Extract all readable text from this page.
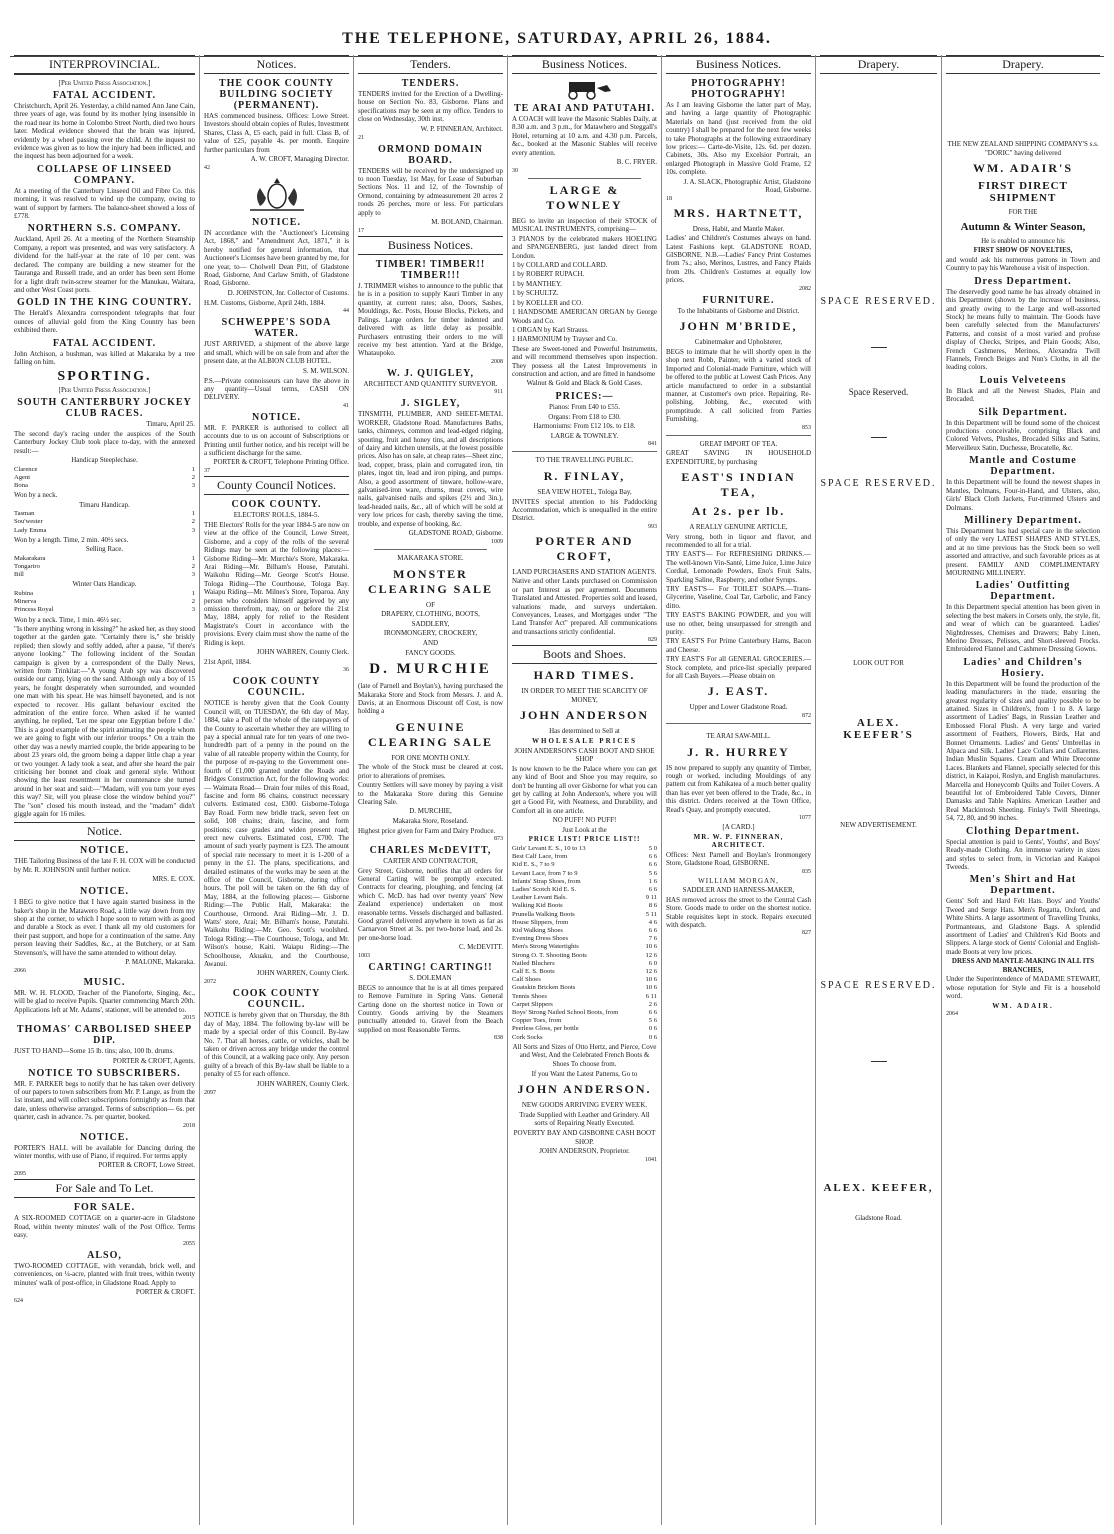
THE TELEPHONE, SATURDAY, APRIL 26, 1884.
INTERPROVINCIAL.
[Per United Press Association.]
FATAL ACCIDENT.
Christchurch, April 26. Yesterday, a child named Ann Jane Cain, three years of age, was found by its mother lying insensible in the road near its home in Colombo Street North, died two hours later. Medical evidence showed that the brain was injured, evidently by a wheel passing over the child. At the inquest no evidence was given as to how the injury had been inflicted, and the inquest has been adjourned for a week.
COLLAPSE OF LINSEED COMPANY.
At a meeting of the Canterbury Linseed Oil and Fibre Co. this morning, it was resolved to wind up the company, owing to want of support by farmers. The balance-sheet showed a loss of £778.
NORTHERN S.S. COMPANY.
Auckland, April 26. At a meeting of the Northern Steamship Company, a report was presented, and was very satisfactory. A dividend for the half-year at the rate of 10 per cent. was declared. The company are building a new steamer for the Tauranga and Russell trade, and an order has been sent Home for a light draft twin-screw steamer for the Manukau, Waitara, and other West Coast ports.
GOLD IN THE KING COUNTRY.
The Herald's Alexandra correspondent telegraphs that four ounces of alluvial gold from the King Country has been exhibited there.
FATAL ACCIDENT.
John Atchison, a bushman, was killed at Makaraka by a tree falling on him.
SPORTING.
[Per United Press Association.]
SOUTH CANTERBURY JOCKEY CLUB RACES.
Timaru, April 25.
The second day's racing under the auspices of the South Canterbury Jockey Club took place to-day, with the annexed result:—
Handicap Steeplechase.
Clarence	1
Agent	2
Bona	3
Won by a neck.
Timaru Handicap.
Tasman	1
Sou'wester	2
Lady Emma	3
Won by a length. Time, 2 min. 40½ secs.
Selling Race.
Makarakara	1
Tongariro	2
Bill	3
Winter Oats Handicap.
Rubina	1
Minerva	2
Princess Royal	3
Won by a neck. Time, 1 min. 46½ sec.
"Is there anything wrong in kissing?" he asked her, as they stood together at the garden gate. "Certainly there is," she briskly replied; then slowly and softly added, after a pause, "if there's anyone looking." The following incident of the Soudan campaign is given by a correspondent of the Daily News, written from Trinkitat:—"A young Arab spy was discovered outside our camp, lying on the sand. Although only a boy of 15 years, he fought desperately when surrounded, and wounded one man with his spear. He was himself bayoneted, and is not expected to recover. His gallant behaviour excited the admiration of the entire force. When asked if he wanted anything, he replied, 'Let me spear one Egyptian before I die.' This is a good example of the spirit animating the people whom we are going to fight with our inferior troops." On a train the other day was a newly married couple, the bride appearing to be about 23 years old, the groom being a dapper little chap a year or two younger. A lady took a seat, and after she heard the pair criticising her bonnet and cloak and general style. Without showing the least resentment in her countenance she turned around in her seat and said:—"Madam, will you turn your eyes this way? Sir, will you please close the window behind you?" The "son" closed his mouth instead, and the "madam" didn't giggle again for 16 miles.
Notice.
NOTICE.
THE Tailoring Business of the late F. H. COX will be conducted by Mr. R. JOHNSON until further notice.
MRS. E. COX.
NOTICE.
I BEG to give notice that I have again started business in the baker's shop in the Matawero Road, a little way down from my shop at the corner, to which I hope soon to return with as good and durable a Stock as ever. I thank all my old customers for their past support, and hope for a continuation of the same. Any person leaving their Saddles, &c., at the Butchery, or at Sam Stevenson's, will have the same attended to without delay.
P. MALONE, Makaraka.
2066
MUSIC.
MR. W. H. FLOOD, Teacher of the Pianoforte, Singing, &c., will be glad to receive Pupils. Quarter commencing March 20th. Applications left at Mr. Adams', stationer, will be attended to.
2015
THOMAS' CARBOLISED SHEEP DIP.
JUST TO HAND—Some 15 lb. tins; also, 100 lb. drums.
PORTER & CROFT, Agents.
NOTICE TO SUBSCRIBERS.
MR. F. PARKER begs to notify that he has taken over delivery of our papers to town subscribers from Mr. P. Lange, as from the 1st instant, and will collect subscriptions fortnightly as from that date, unless otherwise arranged. Terms of subscription— 6s. per quarter, cash in advance. 7s. per quarter, booked.
2018
NOTICE.
PORTER'S HALL will be available for Dancing during the winter months, with use of Piano, if required. For terms apply
PORTER & CROFT, Lowe Street.
2095
For Sale and To Let.
FOR SALE.
A SIX-ROOMED COTTAGE on a quarter-acre in Gladstone Road, within twenty minutes' walk of the Post Office. Terms easy.
2055
ALSO,
TWO-ROOMED COTTAGE, with verandah, brick well, and conveniences, on ¼-acre, planted with fruit trees, within twenty minutes' walk of post-office, in Gladstone Road. Apply to
PORTER & CROFT.
624
Notices.
THE COOK COUNTY BUILDING SOCIETY (PERMANENT).
HAS commenced business. Offices: Lowe Street. Investors should obtain copies of Rules, Investment Shares, Class A, £5 each, paid in full. Class B, of value of £25, payable 4s. per month. Enquire further particulars from
A. W. CROFT, Managing Director.
42
NOTICE.
IN accordance with the "Auctioneer's Licensing Act, 1868," and "Amendment Act, 1871," it is hereby notified for general information, that Auctioneer's Licenses have been granted by me, for one year, to— Cholwell Dean Pitt, of Gladstone Road, Gisborne, And Carlaw Smith, of Gladstone Road, Gisborne.
D. JOHNSTON, Jnr. Collector of Customs.
H.M. Customs, Gisborne, April 24th, 1884.
44
SCHWEPPE'S SODA WATER.
JUST ARRIVED, a shipment of the above large and small, which will be on sale from and after the present date, at the ALBION CLUB HOTEL.
S. M. WILSON.
P.S.—Private connoisseurs can have the above in any quantity—Usual terms, CASH ON DELIVERY.
41
NOTICE.
MR. F. PARKER is authorised to collect all accounts due to us on account of Subscriptions or Printing until further notice, and his receipt will be a sufficient discharge for the same.
PORTER & CROFT, Telephone Printing Office.
37
County Council Notices.
COOK COUNTY.
ELECTORS' ROLLS, 1884-5.
THE Electors' Rolls for the year 1884-5 are now on view at the office of the Council, Lowe Street, Gisborne, and a copy of the rolls of the several Ridings may be seen at the following places:— Gisborne Riding—Mr. Murchie's Store, Makaraka. Arai Riding—Mr. Bilham's House, Patutahi. Waikohu Riding—Mr. George Scott's House. Tologa Riding—The Courthouse, Tologa Bay. Waiapu Riding—Mr. Milnes's Store, Toparoa. Any person who considers himself aggrieved by any omission therefrom, may, on or before the 21st May, 1884, apply for relief to the Resident Magistrate's Court in accordance with the provisions. Every claim must show the name of the Riding is kept.
JOHN WARREN, County Clerk.
21st April, 1884.
36
COOK COUNTY COUNCIL.
NOTICE is hereby given that the Cook County Council will, on TUESDAY, the 6th day of May, 1884, take a Poll of the whole of the ratepayers of the County to ascertain whether they are willing to pay a special annual rate for ten years of one two-hundredth part of a penny in the pound on the value of all rateable property within the County, for the purpose of re-paying to the Government one-fourth of £1,000 granted under the Roads and Bridges Construction Act, for the following works:— Waimata Road— Drain four miles of this Road, fascine and form 86 chains, construct necessary culverts. Estimated cost, £300. Gisborne-Tologa Bay Road. Form new bridle track, seven feet on solid, 108 chains; drain, fascine, and form positions; case grades and widen present road; erect new culverts. Estimated cost, £700. The amount of such yearly payment is £23. The amount of special rate necessary to meet it is 1-200 of a penny in the £1. The plans, specifications, and detailed estimates of the works may be seen at the office of the Council, Gisborne, during office hours. The poll will be taken on the 6th day of May, 1884, at the following places:— Gisborne Riding:—The Public Hall, Makaraka: the Courthouse, Ormond. Arai Riding—Mr. J. D. Watts' store, Arai; Mr. Bilham's house, Patutahi. Waikohu Riding:—Mr. Geo. Scott's woolshed. Tologa Riding:—The Courthouse, Tologa, and Mr. Wilson's house, Kaiti. Waiapu Riding:—The Schoolhouse, Akuaku, and the Courthouse, Awanui.
JOHN WARREN, County Clerk.
2072
COOK COUNTY COUNCIL.
NOTICE is hereby given that on Thursday, the 8th day of May, 1884. The following by-law will be made by a special order of this Council. By-law No. 7. That all horses, cattle, or vehicles, shall be taken or driven across any bridge under the control of this Council, at a walking pace only. Any person guilty of a breach of this By-law shall be liable to a penalty of £5 for each offence.
JOHN WARREN, County Clerk.
2097
Tenders.
TENDERS.
TENDERS invited for the Erection of a Dwelling-house on Section No. 83, Gisborne. Plans and specifications may be seen at my office. Tenders to close on Wednesday, 30th inst.
W. P. FINNERAN, Architect.
21
ORMOND DOMAIN BOARD.
TENDERS will be received by the undersigned up to noon Tuesday, 1st May, for Lease of Suburban Sections Nos. 11 and 12, of the Township of Ormond, containing by admeasurement 20 acres 2 roods 26 perches, more or less. For particulars apply to
M. BOLAND, Chairman.
17
Business Notices.
TIMBER! TIMBER!! TIMBER!!!
J. TRIMMER wishes to announce to the public that he is in a position to supply Kauri Timber in any quantity, at current rates; also, Doors, Sashes, Mouldings, &c. Posts, House Blocks, Pickets, and Palings. Large orders for timber indented and delivered with as little delay as possible. Purchasers entrusting their orders to me will receive my best attention. Yard at the Bridge, Whataupoko.
2008
W. J. QUIGLEY,
ARCHITECT AND QUANTITY SURVEYOR.
911
J. SIGLEY,
TINSMITH, PLUMBER, AND SHEET-METAL WORKER, Gladstone Road. Manufactures Baths, tanks, chimneys, common and lead-edged ridging, spouting, fruit and honey tins, and all descriptions of dairy and kitchen utensils, at the lowest possible prices. Also has on sale, at cheap rates—Sheet zinc, lead, copper, brass, plain and corrugated iron, tin plates, ingot tin, lead and iron piping, and pumps. Also, a good assortment of tinware, hollow-ware, galvanised-iron ware, churns, meat covers, wire nails, galvanised nails and spikes (2½ and 3in.), lead-headed nails, &c., all of which will be sold at very low prices for cash, thereby saving the time, trouble, and expense of booking, &c.
GLADSTONE ROAD, Gisborne.
1009
MAKARAKA STORE.
MONSTER CLEARING SALE
OF
DRAPERY, CLOTHING, BOOTS,
SADDLERY,
IRONMONGERY, CROCKERY,
AND
FANCY GOODS.
D. MURCHIE
(late of Parnell and Boylan's), having purchased the Makaraka Store and Stock from Messrs. J. and A. Davis, at an Enormous Discount off Cost, is now holding a
GENUINE CLEARING SALE
FOR ONE MONTH ONLY.
The whole of the Stock must be cleared at cost, prior to alterations of premises.
Country Settlers will save money by paying a visit to the Makaraka Store during this Genuine Clearing Sale.
D. MURCHIE,
Makaraka Store, Roseland.
Highest price given for Farm and Dairy Produce.
873
CHARLES McDEVITT,
CARTER AND CONTRACTOR,
Grey Street, Gisborne, notifies that all orders for General Carting will be promptly executed. Contracts for clearing, ploughing, and fencing (at which C. McD. has had over twenty years' New Zealand experience) undertaken on most reasonable terms. Vessels discharged and ballasted. Good gravel delivered anywhere in town as far as Carnarvon Street at 3s. per two-horse load, and 2s. per one-horse load.
C. McDEVITT.
1003
CARTING! CARTING!!
S. DOLEMAN
BEGS to announce that he is at all times prepared to Remove Furniture in Spring Vans. General Carting done on the shortest notice in Town or Country. Goods arriving by the Steamers punctually attended to. Gravel from the Beach supplied on most Reasonable Terms.
838
Business Notices.
TE ARAI AND PATUTAHI.
A COACH will leave the Masonic Stables Daily, at 8.30 a.m. and 3 p.m., for Matawhero and Steggall's Hotel, returning at 10 a.m. and 4.30 p.m. Parcels, &c., booked at the Masonic Stables will receive every attention.
B. C. FRYER.
30
LARGE & TOWNLEY
BEG to invite an inspection of their STOCK of MUSICAL INSTRUMENTS, comprising—
3 PIANOS by the celebrated makers HOELING and SPANGENBERG, just landed direct from London.
1 by COLLARD and COLLARD.
1 by ROBERT RUPACH.
1 by MANTHEY.
1 by SCHULTZ.
1 by KOELLER and CO.
1 HANDSOME AMERICAN ORGAN by George Woods and Co.
1 ORGAN by Karl Strauss.
1 HARMONIUM by Trayser and Co.
These are Sweet-toned and Powerful Instruments, and will recommend themselves upon inspection. They possess all the Latest Improvements in construction and action, and are fitted in handsome
Walnut & Gold and Black & Gold Cases.
PRICES:—
Pianos: From £40 to £55.
Organs: From £18 to £30.
Harmoniums: From £12 10s. to £18.
LARGE & TOWNLEY.
841
TO THE TRAVELLING PUBLIC.
R. FINLAY,
SEA VIEW HOTEL, Tologa Bay,
INVITES special attention to his Paddocking Accommodation, which is unequalled in the entire District.
993
PORTER AND CROFT,
LAND PURCHASERS AND STATION AGENTS.
Native and other Lands purchased on Commission or part Interest as per agreement. Documents Translated and Attested. Properties sold and leased, valuations made, and surveys undertaken. Conveyances, Leases, and Mortgages under "The Land Transfer Act" prepared. All communications and transactions strictly confidential.
829
Boots and Shoes.
HARD TIMES.
IN ORDER TO MEET THE SCARCITY OF MONEY,
JOHN ANDERSON
Has determined to Sell at
WHOLESALE PRICES
JOHN ANDERSON'S CASH BOOT AND SHOE SHOP
Is now known to be the Palace where you can get any kind of Boot and Shoe you may require, so don't be hunting all over Gisborne for what you can get by calling at John Anderson's, where you will get a Good Fit, with Neatness, and Durability, and Comfort all in one article.
NO PUFF! NO PUFF!
Just Look at the
PRICE LIST! PRICE LIST!!
Girls' Levant E. S., 10 to 13	5 0
Best Calf Lace, from	6 6
Kid E. S., 7 to 9	6 6
Levant Lace, from 7 to 9	5 6
Infants' Strap Shoes, from	1 6
Ladies' Scotch Kid E. S.	6 6
Leather Levant Bals.	9 11
Walking Kid Boots	8 6
Prunella Walking Boots	5 11
House Slippers, from	4 6
Kid Walking Shoes	6 6
Evening Dress Shoes	7 6
Men's Strong Watertights	10 6
Strong O. T. Shooting Boots	12 6
Nailed Bluchers	6 0
Calf E. S. Boots	12 6
Calf Shoes	10 6
Goatskin Bricken Boots	10 6
Tennis Shoes	6 11
Carpet Slippers	2 6
Boys' Strong Nailed School Boots, from	6 6
Copper Toes, from	5 6
Peerless Gloss, per bottle	0 6
Cork Socks	0 6
All Sorts and Sizes of Otto Hertz, and Pierce, Cove and West, And the Celebrated French Boots & Shoes To choose from.
If you Want the Latest Patterns, Go to
JOHN ANDERSON.
NEW GOODS ARRIVING EVERY WEEK.
Trade Supplied with Leather and Grindery. All sorts of Repairing Neatly Executed.
POVERTY BAY AND GISBORNE CASH BOOT SHOP.
JOHN ANDERSON, Proprietor.
1041
Business Notices.
PHOTOGRAPHY! PHOTOGRAPHY!
As I am leaving Gisborne the latter part of May, and having a large quantity of Photographic Materials on hand (just received from the old country) I shall be prepared for the next few weeks to take Photographs at the following extraordinary low prices:— Carte-de-Visite, 12s. 6d. per dozen. Cabinets, 30s. Also my Excelsior Portrait, an enlarged Photograph in Massive Gold Frame, £2 10s. complete.
J. A. SLACK, Photographic Artist, Gladstone Road, Gisborne.
18
MRS. HARTNETT,
Dress, Habit, and Mantle Maker.
Ladies' and Children's Costumes always on hand. Latest Fashions kept. GLADSTONE ROAD, GISBORNE. N.B.—Ladies' Fancy Print Costumes from 7s.; also, Merinos, Lustres, and Fancy Plaids from 20s. Children's Costumes at equally low prices.
2082
FURNITURE.
To the Inhabitants of Gisborne and District.
JOHN M'BRIDE,
Cabinetmaker and Upholsterer,
BEGS to intimate that he will shortly open in the shop next Robb, Painter, with a varied stock of Imported and Colonial-made Furniture, which will be offered to the public at Lowest Cash Prices. Any article manufactured to order in a substantial manner, at Customer's own price. Repairing, Re-polishing, Jobbing, &c., executed with promptitude. A call solicited from Parties Furnishing.
853
GREAT IMPORT OF TEA.
GREAT SAVING IN HOUSEHOLD EXPENDITURE, by purchasing
EAST'S INDIAN TEA,
At 2s. per lb.
A REALLY GENUINE ARTICLE,
Very strong, both in liquor and flavor, and recommended to all for a trial.
TRY EAST'S— For REFRESHING DRINKS.—The well-known Vin-Santé, Lime Juice, Lime Juice Cordial, Lemonade Powders, Eno's Fruit Salts, Sparkling Saline, Raspberry, and other Syrups.
TRY EAST'S— For TOILET SOAPS.—Trans-Glycerine, Vaseline, Coal Tar, Carbolic, and Fancy ditto.
TRY EAST'S BAKING POWDER, and you will use no other, being unsurpassed for strength and purity.
TRY EAST'S For Prime Canterbury Hams, Bacon and Cheese.
TRY EAST'S For all GENERAL GROCERIES.—Stock complete, and price-list specially prepared for all Cash Buyers.—Please obtain on
J. EAST.
Upper and Lower Gladstone Road.
872
TE ARAI SAW-MILL.
J. R. HURREY
IS now prepared to supply any quantity of Timber, rough or worked, including Mouldings of any pattern cut from Kahikatea of a much better quality than has ever yet been offered to the Trade, &c., in this district. Orders received at the Town Office, Read's Quay, and promptly executed.
1077
[A CARD.]
MR. W. P. FINNERAN, ARCHITECT.
Offices: Next Parnell and Boylan's Ironmongery Store, Gladstone Road, GISBORNE.
835
WILLIAM MORGAN,
SADDLER AND HARNESS-MAKER,
HAS removed across the street to the Central Cash Store. Goods made to order on the shortest notice. Stable requisites kept in stock. Repairs executed with despatch.
827
Drapery.
SPACE RESERVED.
Space Reserved.
SPACE RESERVED.
LOOK OUT FOR
ALEX. KEEFER'S
NEW ADVERTISEMENT.
SPACE RESERVED.
ALEX. KEEFER,
Gladstone Road.
Drapery.
THE NEW ZEALAND SHIPPING COMPANY'S s.s. "DORIC" having delivered
WM. ADAIR'S
FIRST DIRECT SHIPMENT
FOR THE
Autumn & Winter Season,
He is enabled to announce his
FIRST SHOW OF NOVELTIES,
and would ask his numerous patrons in Town and Country to pay his Warehouse a visit of inspection.
Dress Department.
The deservedly good name he has already obtained in this Department (shown by the increase of business, and greatly owing to the Large and well-assorted Stock) he means fully to maintain. The Goods have been carefully selected from the Manufacturers' Patterns, and consist of a most varied and profuse display of Checks, Stripes, and Plain Goods; Also, French Cashmeres, Merinos, Alexandra Twill Flannels, French Beiges and Nun's Cloths, in all the leading colors.
Louis Velveteens
In Black and all the Newest Shades, Plain and Brocaded.
Silk Department.
In this Department will be found some of the choicest productions conceivable, comprising Black and Colored Velvets, Plushes, Brocaded Silks and Satins, Merveilleux Satin, Duchesse, Brocatelle, &c.
Mantle and Costume Department.
In this Department will be found the newest shapes in Mantles, Dolmans, Four-in-Hand, and Ulsters, also, Girls' Black Cloth Jackets, Fur-trimmed Ulsters and Dolmans.
Millinery Department.
This Department has had special care in the selection of only the very LATEST SHAPES AND STYLES, and at no time previous has the Stock been so well assorted and attractive, and such favorable prices as at present. FAMILY AND COMPLIMENTARY MOURNING MILLINERY.
Ladies' Outfitting Department.
In this Department special attention has been given in selecting the best makers in Corsets only, the style, fit, and wear of which can be guaranteed. Ladies' Nightdresses, Chemises and Drawers; Baby Linen, Merino Dresses, Pelisses, and Short-sleeved Frocks. Embroidered Flannel and Cashmere Dressing Gowns.
Ladies' and Children's Hosiery.
In this Department will be found the production of the leading manufacturers in the trade, ensuring the greatest regularity of sizes and quality possible to be attained. Sizes in Children's, from 1 to 8. A large assortment of Ladies' Bags, in Russian Leather and Embossed Floral Plush. A very large and varied assortment of Feathers, Flowers, Birds, Hat and Bonnet Ornaments. Ladies' and Gents' Umbrellas in Alpaca and Silk. Ladies' Lace Collars and Collarettes. Indian Muslin Squares. Cream and White Dreconne Laces. Blankets and Flannel, specially selected for this district, in Kaiapoi, Roslyn, and English manufactures. Marcella and Honeycomb Quilts and Toilet Covers. A beautiful lot of Embroidered Table Covers, Dinner Damasks and Table Napkins. American Leather and Real Mackintosh Sheeting. Finlay's Twill Sheetings, 54, 72, 80, and 90 inches.
Clothing Department.
Special attention is paid to Gents', Youths', and Boys' Ready-made Clothing. An immense variety in sizes and styles to select from, in Victorian and Kaiapoi Tweeds.
Men's Shirt and Hat Department.
Gents' Soft and Hard Felt Hats. Boys' and Youths' Tweed and Serge Hats. Men's Regatta, Oxford, and White Shirts. A large assortment of Travelling Trunks, Portmanteaus, and Gladstone Bags. A splendid assortment of Ladies' and Children's Kid Boots and Slippers. A large stock of Gents' Colonial and English-made Boots at very low prices.
DRESS AND MANTLE-MAKING IN ALL ITS BRANCHES,
Under the Superintendence of MADAME STEWART, whose reputation for Style and Fit is a household word.
WM. ADAIR.
2064
